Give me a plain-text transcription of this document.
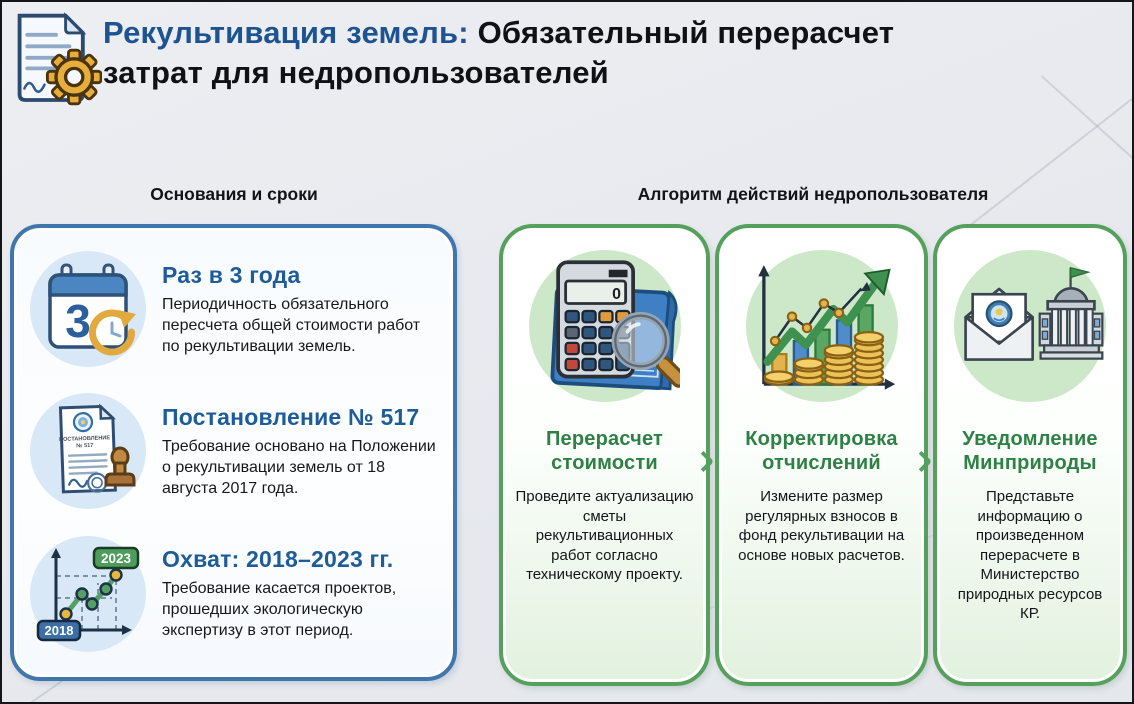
Рекультивация земель: Обязательный перерасчет
затрат для недропользователей
Основания и сроки	Алгоритм действий недропользователя
3
Раз в 3 года
Периодичность обязательного пересчета общей стоимости работ по рекультивации земель.
ПОСТАНОВЛЕНИЕ
№ 517
Постановление № 517
Требование основано на Положении о рекультивации земель от 18 августа 2017 года.
2018
2023 Охват: 2018–2023 гг.
Требование касается проектов, прошедших экологическую экспертизу в этот период.
0
Перерасчет стоимости
Проведите актуализацию сметы рекультивационных работ согласно техническому проекту.
Корректировка отчислений
Измените размер регулярных взносов в фонд рекультивации на основе новых расчетов.
Уведомление Минприроды
Представьте информацию о произведенном перерасчете в Министерство природных ресурсов КР.
